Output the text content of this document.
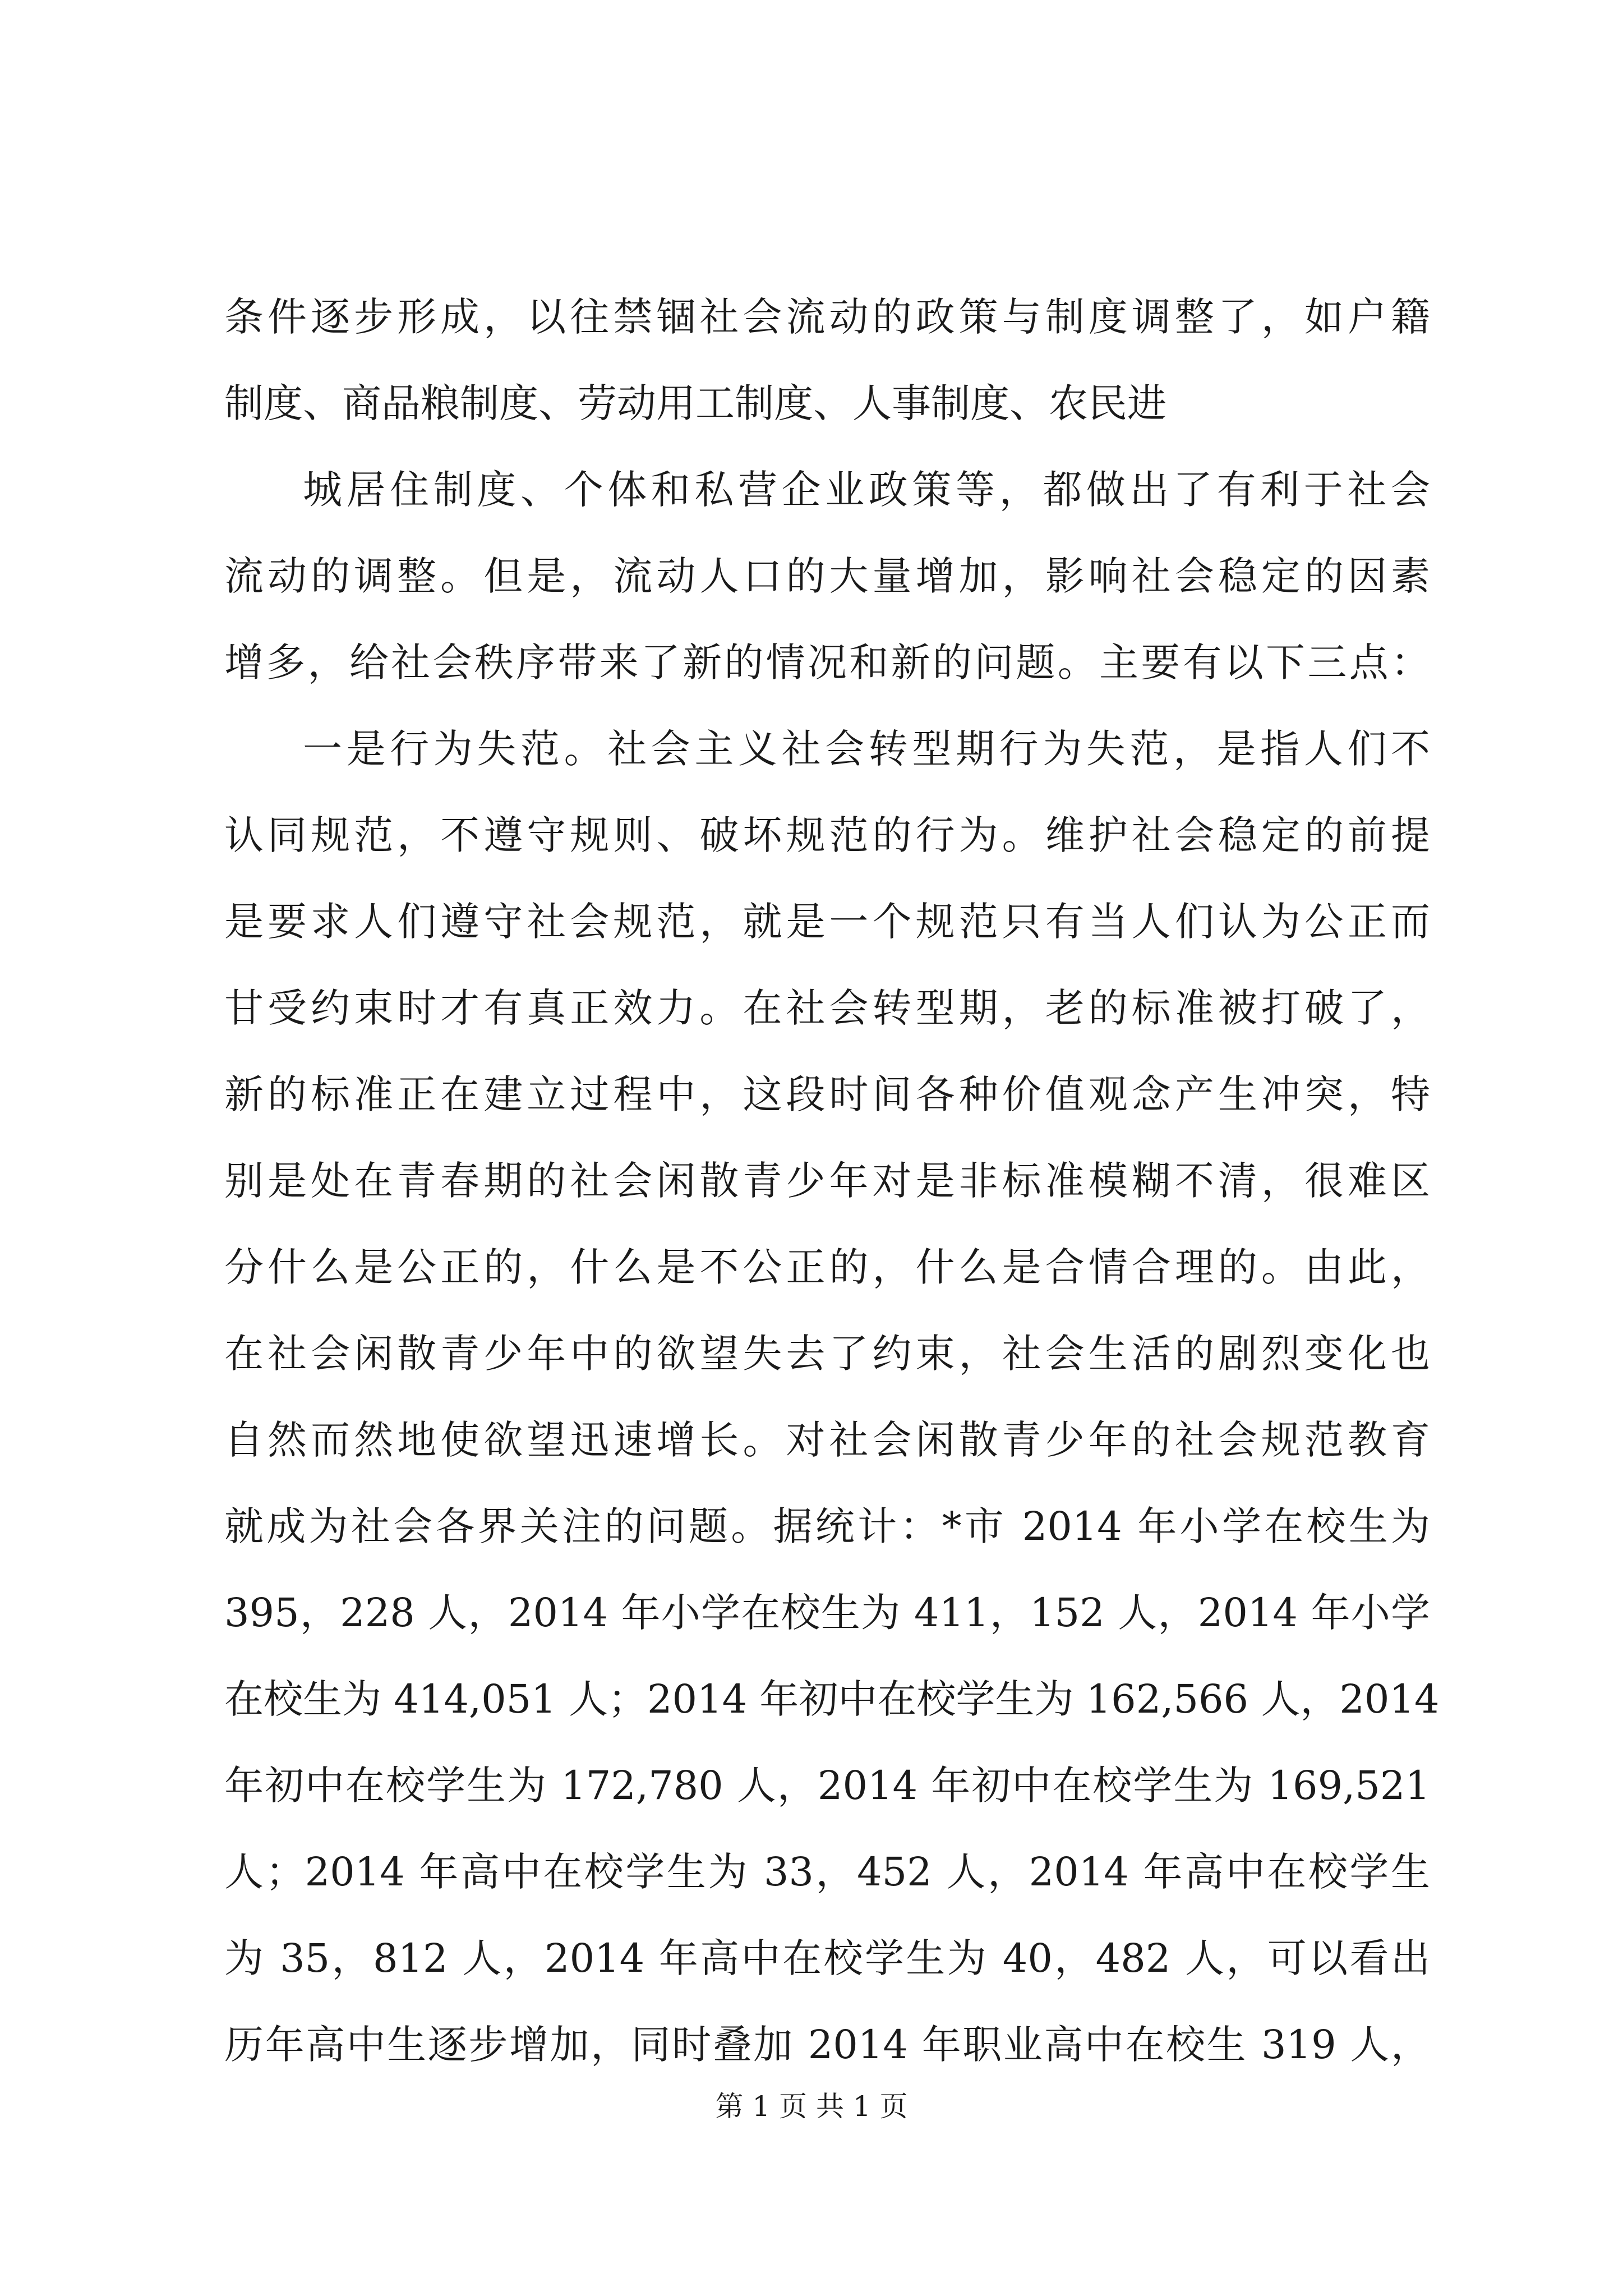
条件逐步形成，以往禁锢社会流动的政策与制度调整了，如户籍
制度、商品粮制度、劳动用工制度、人事制度、农民进
城居住制度、个体和私营企业政策等，都做出了有利于社会
流动的调整。但是，流动人口的大量增加，影响社会稳定的因素
增多，给社会秩序带来了新的情况和新的问题。主要有以下三点：
一是行为失范。社会主义社会转型期行为失范，是指人们不
认同规范，不遵守规则、破坏规范的行为。维护社会稳定的前提
是要求人们遵守社会规范，就是一个规范只有当人们认为公正而
甘受约束时才有真正效力。在社会转型期，老的标准被打破了，
新的标准正在建立过程中，这段时间各种价值观念产生冲突，特
别是处在青春期的社会闲散青少年对是非标准模糊不清，很难区
分什么是公正的，什么是不公正的，什么是合情合理的。由此，
在社会闲散青少年中的欲望失去了约束，社会生活的剧烈变化也
自然而然地使欲望迅速增长。对社会闲散青少年的社会规范教育
就成为社会各界关注的问题。据统计：*市 2014 年小学在校生为
395，228 人，2014 年小学在校生为 411，152 人，2014 年小学
在校生为 414,051 人；2014 年初中在校学生为 162,566 人，2014
年初中在校学生为 172,780 人，2014 年初中在校学生为 169,521
人；2014 年高中在校学生为 33，452 人，2014 年高中在校学生
为 35，812 人，2014 年高中在校学生为 40，482 人，可以看出
历年高中生逐步增加，同时叠加 2014 年职业高中在校生 319 人，
第 1 页 共 1 页
